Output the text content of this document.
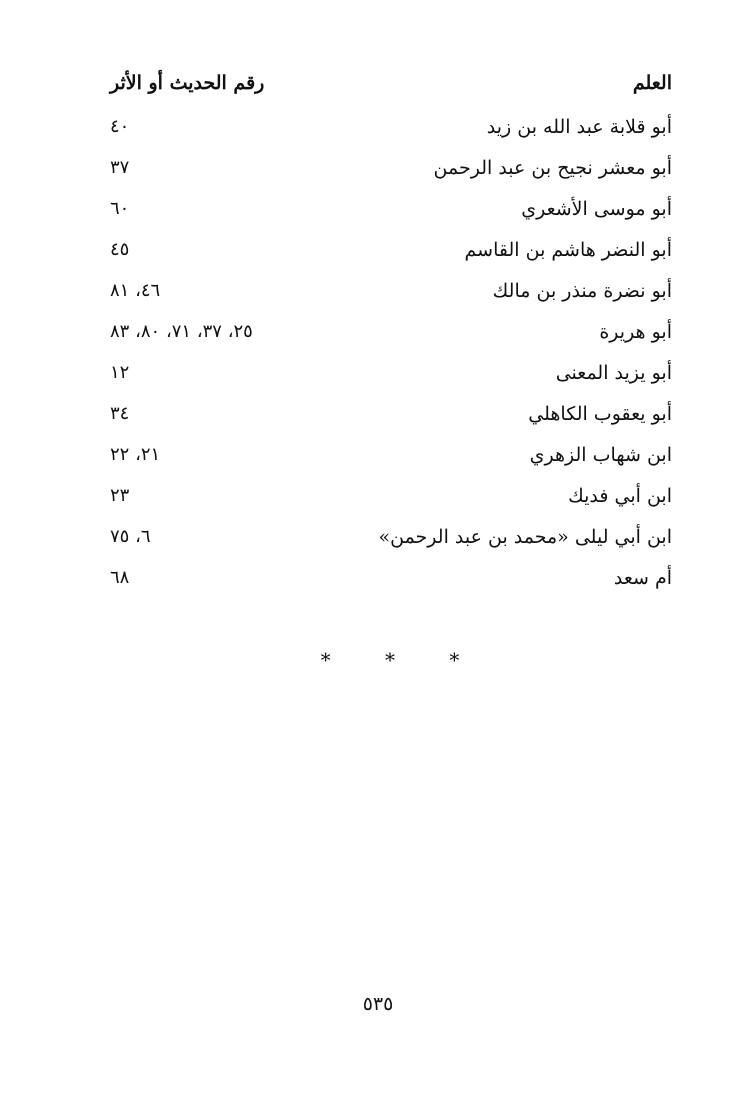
العلم
رقم الحديث أو الأثر
أبو قلابة عبد الله بن زيد
٤٠
أبو معشر نجيح بن عبد الرحمن
٣٧
أبو موسى الأشعري
٦٠
أبو النضر هاشم بن القاسم
٤٥
أبو نضرة منذر بن مالك
٤٦، ٨١
أبو هريرة
٢٥، ٣٧، ٧١، ٨٠، ٨٣
أبو يزيد المعنى
١٢
أبو يعقوب الكاهلي
٣٤
ابن شهاب الزهري
٢١، ٢٢
ابن أبي فديك
٢٣
ابن أبي ليلى «محمد بن عبد الرحمن»
٦، ٧٥
أم سعد
٦٨
* * *
٥٣٥
